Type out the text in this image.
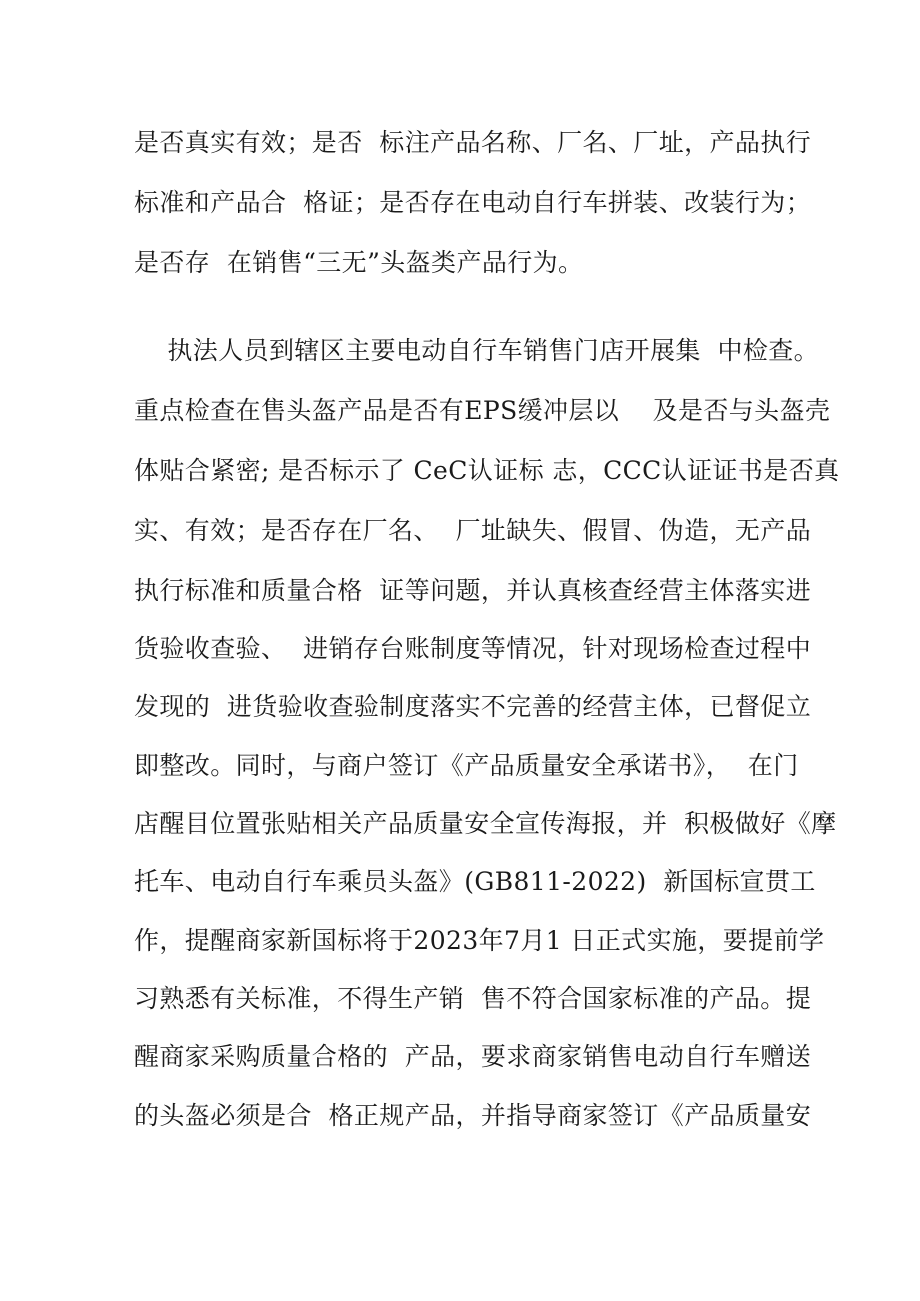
是否真实有效；是否  标注产品名称、厂名、厂址，产品执行
标准和产品合  格证；是否存在电动自行车拼装、改装行为；
是否存  在销售“三无”头盔类产品行为。
执法人员到辖区主要电动自行车销售门店开展集  中检查。
重点检查在售头盔产品是否有EPS缓冲层以    及是否与头盔壳
体贴合紧密; 是否标示了 CeC认证标 志，CCC认证证书是否真
实、有效；是否存在厂名、  厂址缺失、假冒、伪造，无产品
执行标准和质量合格  证等问题，并认真核查经营主体落实进
货验收查验、  进销存台账制度等情况，针对现场检查过程中
发现的  进货验收查验制度落实不完善的经营主体，已督促立
即整改。同时，与商户签订《产品质量安全承诺书》，  在门
店醒目位置张贴相关产品质量安全宣传海报，并  积极做好《摩
托车、电动自行车乘员头盔》(GB811-2022)  新国标宣贯工
作，提醒商家新国标将于2023年7月1 日正式实施，要提前学
习熟悉有关标准，不得生产销  售不符合国家标准的产品。提
醒商家采购质量合格的  产品，要求商家销售电动自行车赠送
的头盔必须是合  格正规产品，并指导商家签订《产品质量安
